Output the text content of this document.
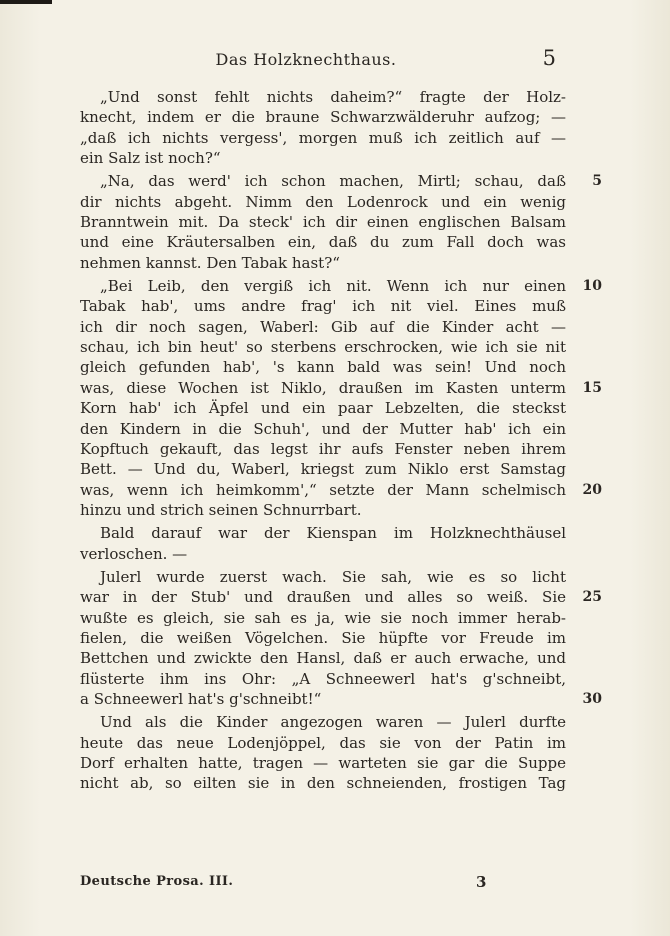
Das Holzknechthaus.	5
„Und sonst fehlt nichts daheim?“ fragte der Holz-
knecht, indem er die braune Schwarzwälderuhr aufzog; —
„daß ich nichts vergess', morgen muß ich zeitlich auf —
ein Salz ist noch?“
„Na, das werd' ich schon machen, Mirtl; schau, daß	5
dir nichts abgeht. Nimm den Lodenrock und ein wenig
Branntwein mit. Da steck' ich dir einen englischen Balsam
und eine Kräutersalben ein, daß du zum Fall doch was
nehmen kannst. Den Tabak hast?“
„Bei Leib, den vergiß ich nit. Wenn ich nur einen	10
Tabak hab', ums andre frag' ich nit viel. Eines muß
ich dir noch sagen, Waberl: Gib auf die Kinder acht —
schau, ich bin heut' so sterbens erschrocken, wie ich sie nit
gleich gefunden hab', 's kann bald was sein! Und noch
was, diese Wochen ist Niklo, draußen im Kasten unterm	15
Korn hab' ich Äpfel und ein paar Lebzelten, die steckst
den Kindern in die Schuh', und der Mutter hab' ich ein
Kopftuch gekauft, das legst ihr aufs Fenster neben ihrem
Bett. — Und du, Waberl, kriegst zum Niklo erst Samstag
was, wenn ich heimkomm',“ setzte der Mann schelmisch	20
hinzu und strich seinen Schnurrbart.
Bald darauf war der Kienspan im Holzknechthäusel
verloschen. —
Julerl wurde zuerst wach. Sie sah, wie es so licht
war in der Stub' und draußen und alles so weiß. Sie	25
wußte es gleich, sie sah es ja, wie sie noch immer herab-
fielen, die weißen Vögelchen. Sie hüpfte vor Freude im
Bettchen und zwickte den Hansl, daß er auch erwache, und
flüsterte ihm ins Ohr: „A Schneewerl hat's g'schneibt,
a Schneewerl hat's g'schneibt!“	30
Und als die Kinder angezogen waren — Julerl durfte
heute das neue Lodenjöppel, das sie von der Patin im
Dorf erhalten hatte, tragen — warteten sie gar die Suppe
nicht ab, so eilten sie in den schneienden, frostigen Tag
Deutsche Prosa. III.	3
